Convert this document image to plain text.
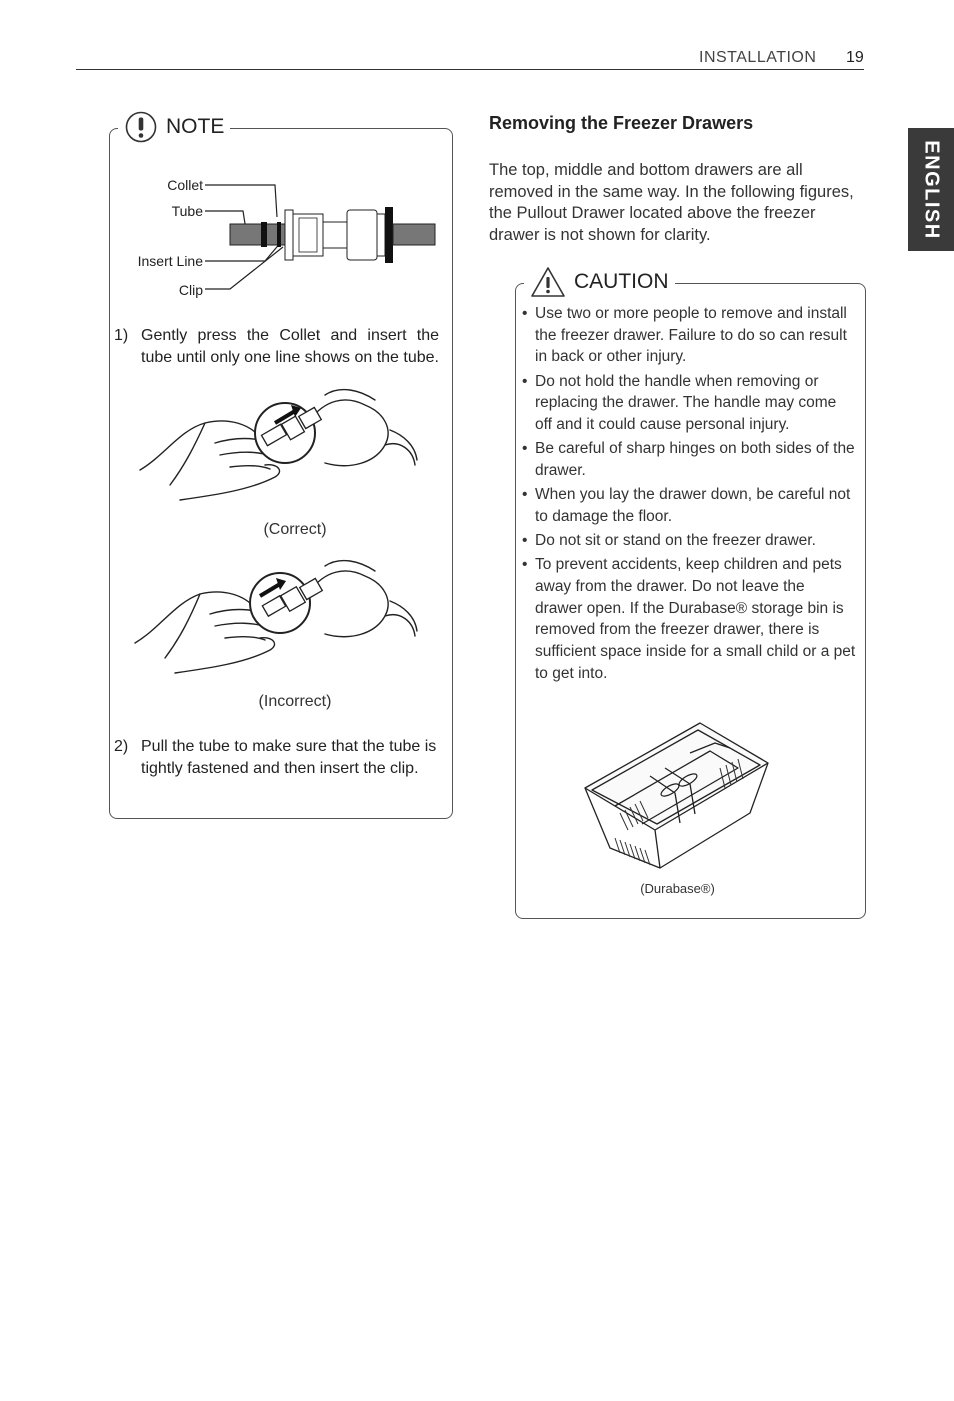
INSTALLATION 19
ENGLISH
NOTE
Collet
Tube
Insert Line
Clip
1) Gently press the Collet and insert the tube until only one line shows on the tube.
(Correct)
(Incorrect)
2) Pull the tube to make sure that the tube is tightly fastened and then insert the clip.
Removing the Freezer Drawers
The top, middle and bottom drawers are all removed in the same way. In the following figures, the Pullout Drawer located above the freezer drawer is not shown for clarity.
CAUTION
• Use two or more people to remove and install the freezer drawer. Failure to do so can result in back or other injury.
• Do not hold the handle when removing or replacing the drawer. The handle may come off and it could cause personal injury.
• Be careful of sharp hinges on both sides of the drawer.
• When you lay the drawer down, be careful not to damage the floor.
• Do not sit or stand on the freezer drawer.
• To prevent accidents, keep children and pets away from the drawer. Do not leave the drawer open. If the Durabase® storage bin is removed from the freezer drawer, there is sufficient space inside for a small child or a pet to get into.
(Durabase®)
